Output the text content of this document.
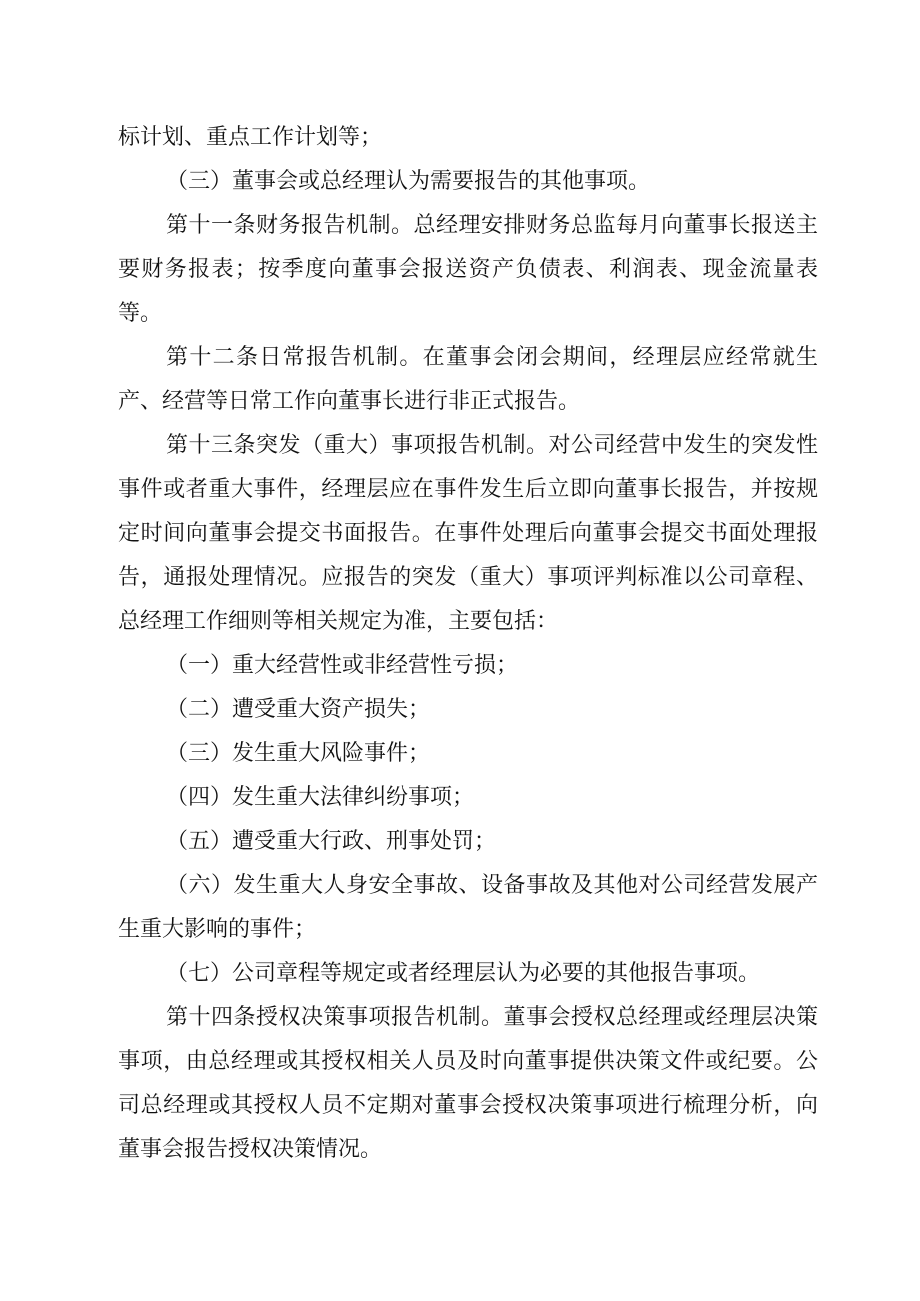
标计划、重点工作计划等；

（三）董事会或总经理认为需要报告的其他事项。

第十一条财务报告机制。总经理安排财务总监每月向董事长报送主要财务报表；按季度向董事会报送资产负债表、利润表、现金流量表等。

第十二条日常报告机制。在董事会闭会期间，经理层应经常就生产、经营等日常工作向董事长进行非正式报告。

第十三条突发（重大）事项报告机制。对公司经营中发生的突发性事件或者重大事件，经理层应在事件发生后立即向董事长报告，并按规定时间向董事会提交书面报告。在事件处理后向董事会提交书面处理报告，通报处理情况。应报告的突发（重大）事项评判标准以公司章程、总经理工作细则等相关规定为准，主要包括：

（一）重大经营性或非经营性亏损；

（二）遭受重大资产损失；

（三）发生重大风险事件；

（四）发生重大法律纠纷事项；

（五）遭受重大行政、刑事处罚；

（六）发生重大人身安全事故、设备事故及其他对公司经营发展产生重大影响的事件；

（七）公司章程等规定或者经理层认为必要的其他报告事项。

第十四条授权决策事项报告机制。董事会授权总经理或经理层决策事项，由总经理或其授权相关人员及时向董事提供决策文件或纪要。公司总经理或其授权人员不定期对董事会授权决策事项进行梳理分析，向董事会报告授权决策情况。
